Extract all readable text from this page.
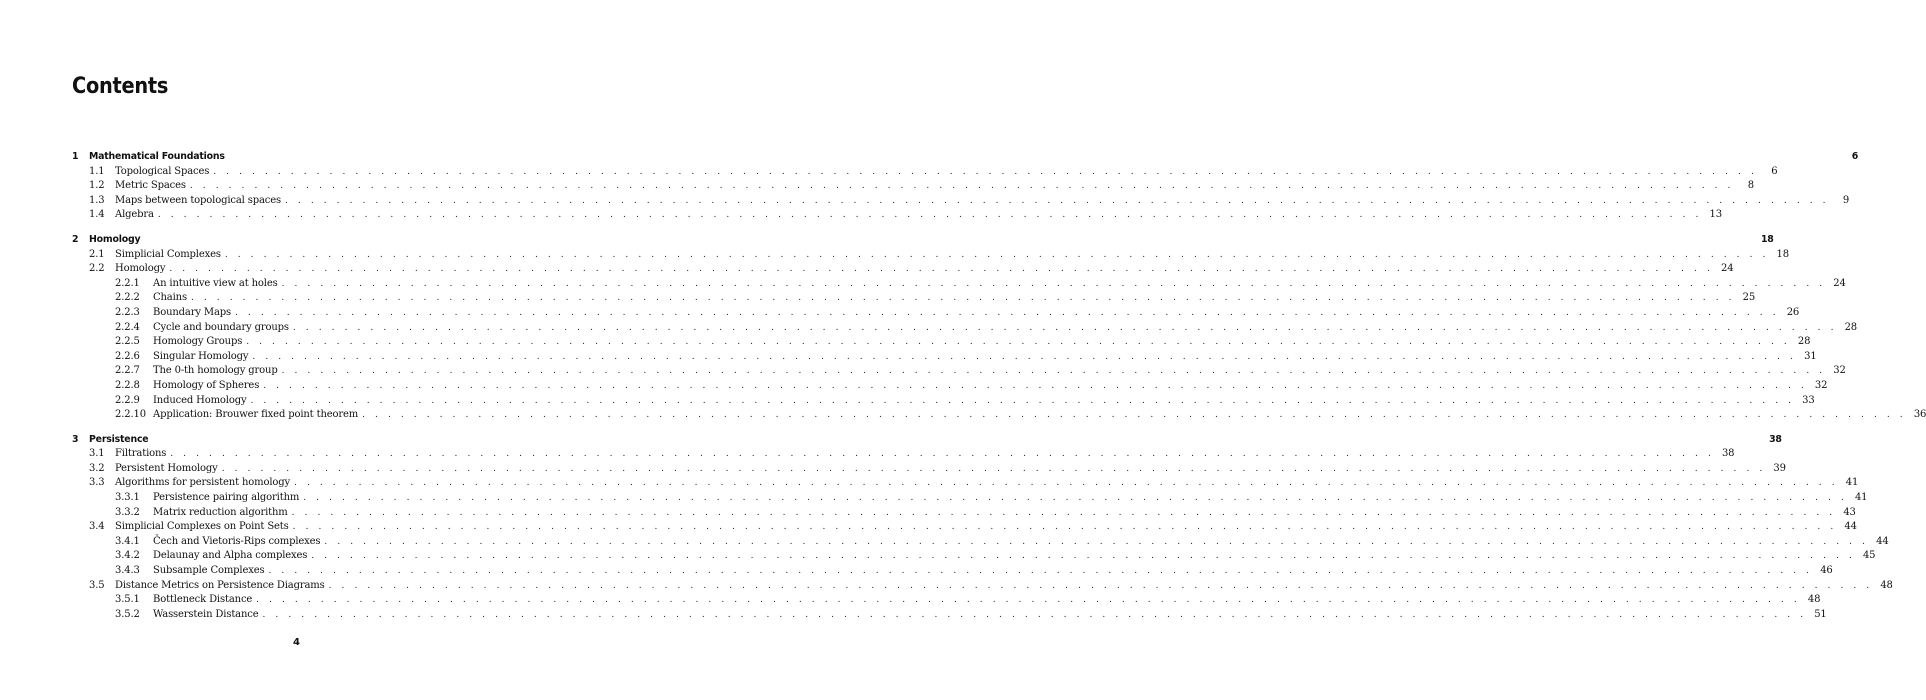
Contents
1	Mathematical Foundations	6
1.1	Topological Spaces . . . . . . . . . . . . . . . . . . . . . . . . . . . . . . . . . . . . . . . . . . . . . . . . . . . . . . . . . . . . . . . . . . . . . . . . . . . . . . . . . . . . . . . . . . . . . . . . . . . . . . . . . . . . . . . . . . . . . . . .	6
1.2	Metric Spaces . . . . . . . . . . . . . . . . . . . . . . . . . . . . . . . . . . . . . . . . . . . . . . . . . . . . . . . . . . . . . . . . . . . . . . . . . . . . . . . . . . . . . . . . . . . . . . . . . . . . . . . . . . . . . . . . . . . . . . . .	8
1.3	Maps between topological spaces . . . . . . . . . . . . . . . . . . . . . . . . . . . . . . . . . . . . . . . . . . . . . . . . . . . . . . . . . . . . . . . . . . . . . . . . . . . . . . . . . . . . . . . . . . . . . . . . . . . . . . . . . . . . . . . . . . . . . . . .	9
1.4	Algebra . . . . . . . . . . . . . . . . . . . . . . . . . . . . . . . . . . . . . . . . . . . . . . . . . . . . . . . . . . . . . . . . . . . . . . . . . . . . . . . . . . . . . . . . . . . . . . . . . . . . . . . . . . . . . . . . . . . . . . . . 13
2	Homology	18
2.1	Simplicial Complexes . . . . . . . . . . . . . . . . . . . . . . . . . . . . . . . . . . . . . . . . . . . . . . . . . . . . . . . . . . . . . . . . . . . . . . . . . . . . . . . . . . . . . . . . . . . . . . . . . . . . . . . . . . . . . . . . . . . . . . . . 18
2.2	Homology . . . . . . . . . . . . . . . . . . . . . . . . . . . . . . . . . . . . . . . . . . . . . . . . . . . . . . . . . . . . . . . . . . . . . . . . . . . . . . . . . . . . . . . . . . . . . . . . . . . . . . . . . . . . . . . . . . . . . . . . 24
2.2.1	An intuitive view at holes . . . . . . . . . . . . . . . . . . . . . . . . . . . . . . . . . . . . . . . . . . . . . . . . . . . . . . . . . . . . . . . . . . . . . . . . . . . . . . . . . . . . . . . . . . . . . . . . . . . . . . . . . . . . . . . . . . . . . . . . 24
2.2.2	Chains . . . . . . . . . . . . . . . . . . . . . . . . . . . . . . . . . . . . . . . . . . . . . . . . . . . . . . . . . . . . . . . . . . . . . . . . . . . . . . . . . . . . . . . . . . . . . . . . . . . . . . . . . . . . . . . . . . . . . . . . 25
2.2.3	Boundary Maps . . . . . . . . . . . . . . . . . . . . . . . . . . . . . . . . . . . . . . . . . . . . . . . . . . . . . . . . . . . . . . . . . . . . . . . . . . . . . . . . . . . . . . . . . . . . . . . . . . . . . . . . . . . . . . . . . . . . . . . . 26
2.2.4	Cycle and boundary groups . . . . . . . . . . . . . . . . . . . . . . . . . . . . . . . . . . . . . . . . . . . . . . . . . . . . . . . . . . . . . . . . . . . . . . . . . . . . . . . . . . . . . . . . . . . . . . . . . . . . . . . . . . . . . . . . . . . . . . . . 28
2.2.5	Homology Groups . . . . . . . . . . . . . . . . . . . . . . . . . . . . . . . . . . . . . . . . . . . . . . . . . . . . . . . . . . . . . . . . . . . . . . . . . . . . . . . . . . . . . . . . . . . . . . . . . . . . . . . . . . . . . . . . . . . . . . . . 28
2.2.6	Singular Homology . . . . . . . . . . . . . . . . . . . . . . . . . . . . . . . . . . . . . . . . . . . . . . . . . . . . . . . . . . . . . . . . . . . . . . . . . . . . . . . . . . . . . . . . . . . . . . . . . . . . . . . . . . . . . . . . . . . . . . . . 31
2.2.7	The 0-th homology group . . . . . . . . . . . . . . . . . . . . . . . . . . . . . . . . . . . . . . . . . . . . . . . . . . . . . . . . . . . . . . . . . . . . . . . . . . . . . . . . . . . . . . . . . . . . . . . . . . . . . . . . . . . . . . . . . . . . . . . . 32
2.2.8	Homology of Spheres . . . . . . . . . . . . . . . . . . . . . . . . . . . . . . . . . . . . . . . . . . . . . . . . . . . . . . . . . . . . . . . . . . . . . . . . . . . . . . . . . . . . . . . . . . . . . . . . . . . . . . . . . . . . . . . . . . . . . . . . 32
2.2.9	Induced Homology . . . . . . . . . . . . . . . . . . . . . . . . . . . . . . . . . . . . . . . . . . . . . . . . . . . . . . . . . . . . . . . . . . . . . . . . . . . . . . . . . . . . . . . . . . . . . . . . . . . . . . . . . . . . . . . . . . . . . . . . 33
2.2.10 Application: Brouwer fixed point theorem . . . . . . . . . . . . . . . . . . . . . . . . . . . . . . . . . . . . . . . . . . . . . . . . . . . . . . . . . . . . . . . . . . . . . . . . . . . . . . . . . . . . . . . . . . . . . . . . . . . . . . . . . . . . . . . . . . . . . . . . 36
3	Persistence	38
3.1	Filtrations . . . . . . . . . . . . . . . . . . . . . . . . . . . . . . . . . . . . . . . . . . . . . . . . . . . . . . . . . . . . . . . . . . . . . . . . . . . . . . . . . . . . . . . . . . . . . . . . . . . . . . . . . . . . . . . . . . . . . . . . 38
3.2	Persistent Homology . . . . . . . . . . . . . . . . . . . . . . . . . . . . . . . . . . . . . . . . . . . . . . . . . . . . . . . . . . . . . . . . . . . . . . . . . . . . . . . . . . . . . . . . . . . . . . . . . . . . . . . . . . . . . . . . . . . . . . . . 39
3.3	Algorithms for persistent homology . . . . . . . . . . . . . . . . . . . . . . . . . . . . . . . . . . . . . . . . . . . . . . . . . . . . . . . . . . . . . . . . . . . . . . . . . . . . . . . . . . . . . . . . . . . . . . . . . . . . . . . . . . . . . . . . . . . . . . . . 41
3.3.1	Persistence pairing algorithm . . . . . . . . . . . . . . . . . . . . . . . . . . . . . . . . . . . . . . . . . . . . . . . . . . . . . . . . . . . . . . . . . . . . . . . . . . . . . . . . . . . . . . . . . . . . . . . . . . . . . . . . . . . . . . . . . . . . . . . . 41
3.3.2	Matrix reduction algorithm . . . . . . . . . . . . . . . . . . . . . . . . . . . . . . . . . . . . . . . . . . . . . . . . . . . . . . . . . . . . . . . . . . . . . . . . . . . . . . . . . . . . . . . . . . . . . . . . . . . . . . . . . . . . . . . . . . . . . . . . 43
3.4	Simplicial Complexes on Point Sets . . . . . . . . . . . . . . . . . . . . . . . . . . . . . . . . . . . . . . . . . . . . . . . . . . . . . . . . . . . . . . . . . . . . . . . . . . . . . . . . . . . . . . . . . . . . . . . . . . . . . . . . . . . . . . . . . . . . . . . . 44
3.4.1	Čech and Vietoris-Rips complexes . . . . . . . . . . . . . . . . . . . . . . . . . . . . . . . . . . . . . . . . . . . . . . . . . . . . . . . . . . . . . . . . . . . . . . . . . . . . . . . . . . . . . . . . . . . . . . . . . . . . . . . . . . . . . . . . . . . . . . . . 44
3.4.2	Delaunay and Alpha complexes . . . . . . . . . . . . . . . . . . . . . . . . . . . . . . . . . . . . . . . . . . . . . . . . . . . . . . . . . . . . . . . . . . . . . . . . . . . . . . . . . . . . . . . . . . . . . . . . . . . . . . . . . . . . . . . . . . . . . . . . 45
3.4.3	Subsample Complexes . . . . . . . . . . . . . . . . . . . . . . . . . . . . . . . . . . . . . . . . . . . . . . . . . . . . . . . . . . . . . . . . . . . . . . . . . . . . . . . . . . . . . . . . . . . . . . . . . . . . . . . . . . . . . . . . . . . . . . . . 46
3.5	Distance Metrics on Persistence Diagrams . . . . . . . . . . . . . . . . . . . . . . . . . . . . . . . . . . . . . . . . . . . . . . . . . . . . . . . . . . . . . . . . . . . . . . . . . . . . . . . . . . . . . . . . . . . . . . . . . . . . . . . . . . . . . . . . . . . . . . . . 48
3.5.1	Bottleneck Distance . . . . . . . . . . . . . . . . . . . . . . . . . . . . . . . . . . . . . . . . . . . . . . . . . . . . . . . . . . . . . . . . . . . . . . . . . . . . . . . . . . . . . . . . . . . . . . . . . . . . . . . . . . . . . . . . . . . . . . . . 48
3.5.2	Wasserstein Distance . . . . . . . . . . . . . . . . . . . . . . . . . . . . . . . . . . . . . . . . . . . . . . . . . . . . . . . . . . . . . . . . . . . . . . . . . . . . . . . . . . . . . . . . . . . . . . . . . . . . . . . . . . . . . . . . . . . . . . . . 51
4
